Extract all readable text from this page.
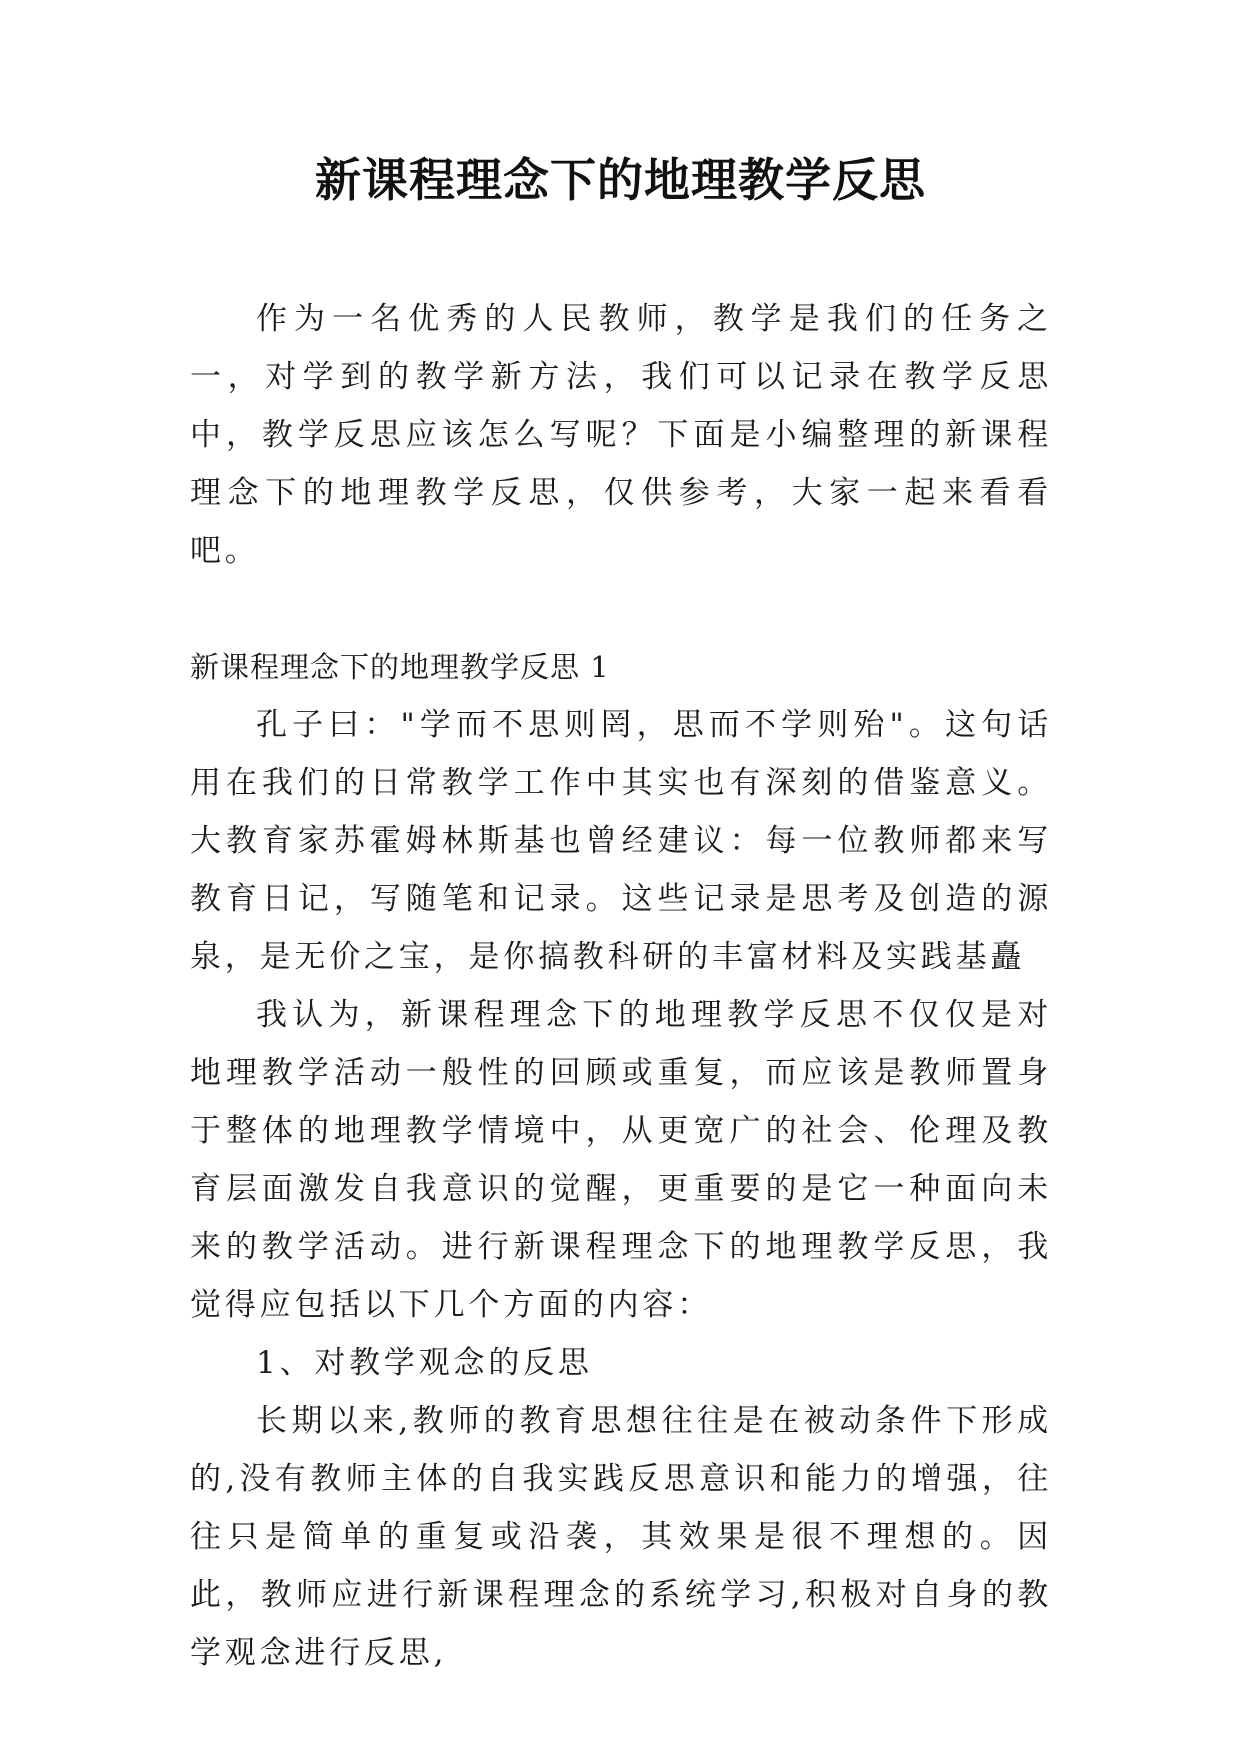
新课程理念下的地理教学反思

作为一名优秀的人民教师，教学是我们的任务之一，对学到的教学新方法，我们可以记录在教学反思中，教学反思应该怎么写呢？下面是小编整理的新课程理念下的地理教学反思，仅供参考，大家一起来看看吧。

新课程理念下的地理教学反思 1

孔子曰："学而不思则罔，思而不学则殆"。这句话用在我们的日常教学工作中其实也有深刻的借鉴意义。大教育家苏霍姆林斯基也曾经建议：每一位教师都来写教育日记，写随笔和记录。这些记录是思考及创造的源泉，是无价之宝，是你搞教科研的丰富材料及实践基矗

我认为，新课程理念下的地理教学反思不仅仅是对地理教学活动一般性的回顾或重复，而应该是教师置身于整体的地理教学情境中，从更宽广的社会、伦理及教育层面激发自我意识的觉醒，更重要的是它一种面向未来的教学活动。进行新课程理念下的地理教学反思，我觉得应包括以下几个方面的内容：

1、对教学观念的反思

长期以来,教师的教育思想往往是在被动条件下形成的,没有教师主体的自我实践反思意识和能力的增强，往往只是简单的重复或沿袭，其效果是很不理想的。因此，教师应进行新课程理念的系统学习,积极对自身的教学观念进行反思,
